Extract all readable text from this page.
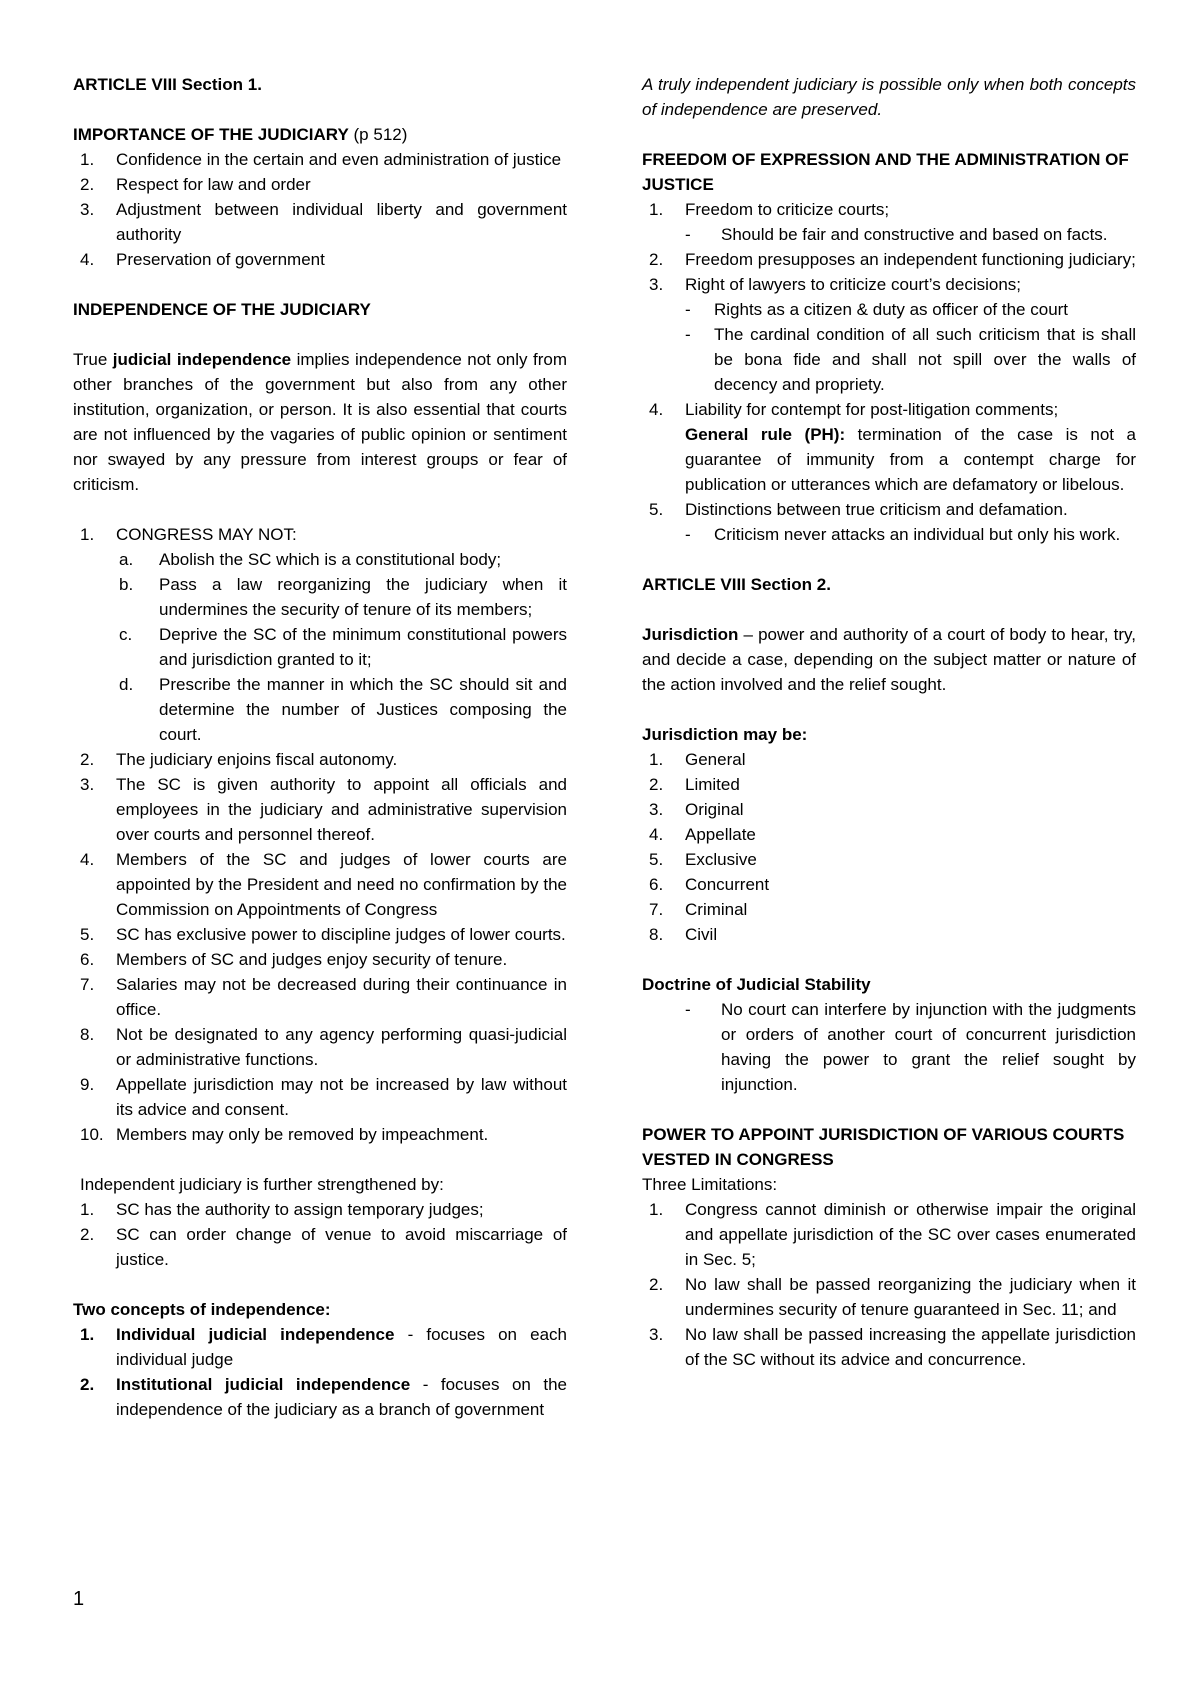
ARTICLE VIII Section 1.

IMPORTANCE OF THE JUDICIARY (p 512)

1.	Confidence in the certain and even administration of justice
2.	Respect for law and order
3.	Adjustment between individual liberty and government authority
4.	Preservation of government

INDEPENDENCE OF THE JUDICIARY

True judicial independence implies independence not only from other branches of the government but also from any other institution, organization, or person. It is also essential that courts are not influenced by the vagaries of public opinion or sentiment nor swayed by any pressure from interest groups or fear of criticism.

1.	CONGRESS MAY NOT:
a.	Abolish the SC which is a constitutional body;
b.	Pass a law reorganizing the judiciary when it undermines the security of tenure of its members;
c.	Deprive the SC of the minimum constitutional powers and jurisdiction granted to it;
d.	Prescribe the manner in which the SC should sit and determine the number of Justices composing the court.
2.	The judiciary enjoins fiscal autonomy.
3.	The SC is given authority to appoint all officials and employees in the judiciary and administrative supervision over courts and personnel thereof.
4.	Members of the SC and judges of lower courts are appointed by the President and need no confirmation by the Commission on Appointments of Congress
5.	SC has exclusive power to discipline judges of lower courts.
6.	Members of SC and judges enjoy security of tenure.
7.	Salaries may not be decreased during their continuance in office.
8.	Not be designated to any agency performing quasi-judicial or administrative functions.
9.	Appellate jurisdiction may not be increased by law without its advice and consent.
10. Members may only be removed by impeachment.

Independent judiciary is further strengthened by:

1.	SC has the authority to assign temporary judges;
2.	SC can order change of venue to avoid miscarriage of justice.

Two concepts of independence:

1.	Individual judicial independence - focuses on each individual judge
2.	Institutional judicial independence - focuses on the independence of the judiciary as a branch of government

A truly independent judiciary is possible only when both concepts of independence are preserved.

FREEDOM OF EXPRESSION AND THE ADMINISTRATION OF JUSTICE

1.	Freedom to criticize courts;
- Should be fair and constructive and based on facts.
2.	Freedom presupposes an independent functioning judiciary;
3.	Right of lawyers to criticize court’s decisions;
- Rights as a citizen & duty as officer of the court
- The cardinal condition of all such criticism that is shall be bona fide and shall not spill over the walls of decency and propriety.
4.	Liability for contempt for post-litigation comments;
General rule (PH): termination of the case is not a guarantee of immunity from a contempt charge for publication or utterances which are defamatory or libelous.
5.	Distinctions between true criticism and defamation.
- Criticism never attacks an individual but only his work.

ARTICLE VIII Section 2.

Jurisdiction – power and authority of a court of body to hear, try, and decide a case, depending on the subject matter or nature of the action involved and the relief sought.

Jurisdiction may be:

1.	General
2.	Limited
3.	Original
4.	Appellate
5.	Exclusive
6.	Concurrent
7.	Criminal
8.	Civil

Doctrine of Judicial Stability

- No court can interfere by injunction with the judgments or orders of another court of concurrent jurisdiction having the power to grant the relief sought by injunction.

POWER TO APPOINT JURISDICTION OF VARIOUS COURTS VESTED IN CONGRESS

Three Limitations:

1.	Congress cannot diminish or otherwise impair the original and appellate jurisdiction of the SC over cases enumerated in Sec. 5;
2.	No law shall be passed reorganizing the judiciary when it undermines security of tenure guaranteed in Sec. 11; and
3.	No law shall be passed increasing the appellate jurisdiction of the SC without its advice and concurrence.
1
